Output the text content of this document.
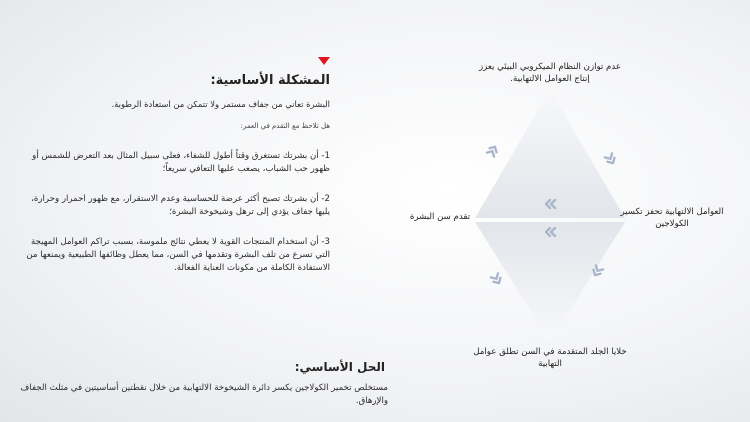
المشكلة الأساسية:
البشرة تعاني من جفاف مستمر ولا تتمكن من استعادة الرطوبة.
هل تلاحظ مع التقدم في العمر:
1- أن بشرتك تستغرق وقتاً أطول للشفاء، فعلى سبيل المثال بعد التعرض للشمس أو ظهور حب الشباب، يصعب عليها التعافي سريعاً؛
2- أن بشرتك تصبح أكثر عرضة للحساسية وعدم الاستقرار، مع ظهور احمرار وحرارة، يليها جفاف يؤدي إلى ترهل وشيخوخة البشرة؛
3- أن استخدام المنتجات القوية لا يعطي نتائج ملموسة، بسبب تراكم العوامل المهيجة التي تسرع من تلف البشرة وتقدمها في السن، مما يعطل وظائفها الطبيعية ويمنعها من الاستفادة الكاملة من مكونات العناية الفعالة.
الحل الأساسي:
مستخلص تخمير الكولاجين يكسر دائرة الشيخوخة الالتهابية من خلال نقطتين أساسيتين في مثلث الجفاف والإرهاق.
عدم توازن النظام الميكروبي البيئي يعزز إنتاج العوامل الالتهابية.
العوامل الالتهابية تحفز تكسير الكولاجين
تقدم سن البشرة
خلايا الجلد المتقدمة في السن تطلق عوامل التهابية
